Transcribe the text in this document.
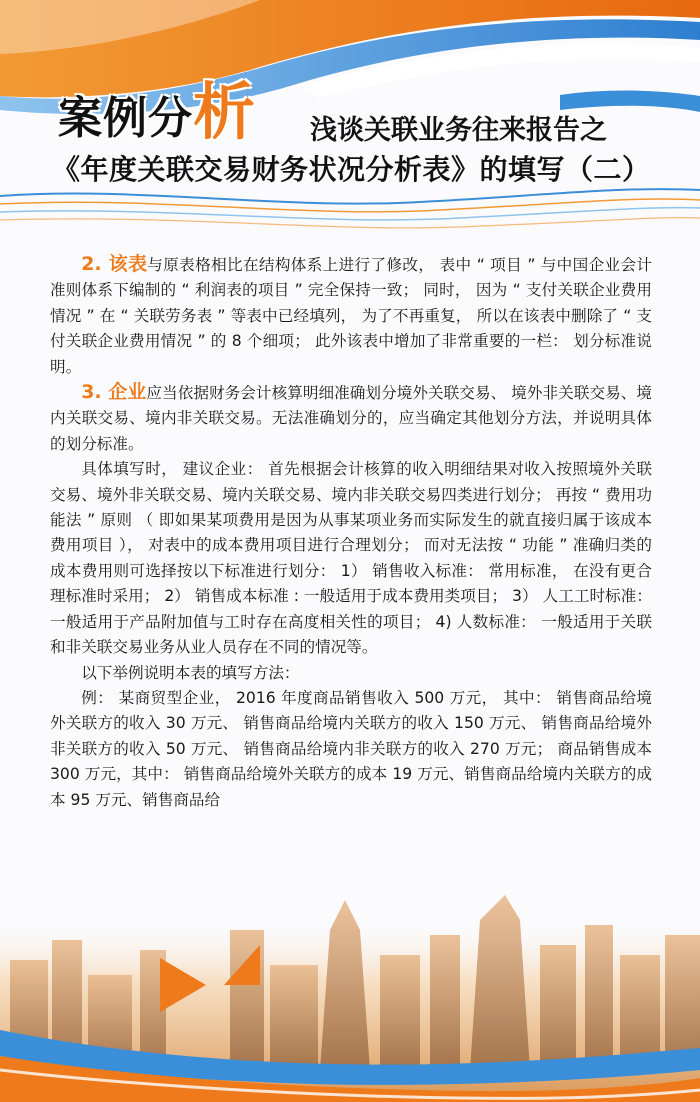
案例分析 浅谈关联业务往来报告之
《年度关联交易财务状况分析表》的填写（二）

2. 该表与原表格相比在结构体系上进行了修改， 表中 “ 项目 ” 与中国企业会计准则体系下编制的 “ 利润表的项目 ” 完全保持一致； 同时， 因为 “ 支付关联企业费用情况 ” 在 “ 关联劳务表 ” 等表中已经填列， 为了不再重复， 所以在该表中删除了 “ 支付关联企业费用情况 ” 的 8 个细项； 此外该表中增加了非常重要的一栏： 划分标准说明。

3. 企业应当依据财务会计核算明细准确划分境外关联交易、 境外非关联交易、境内关联交易、境内非关联交易。无法准确划分的，应当确定其他划分方法，并说明具体的划分标准。

具体填写时， 建议企业： 首先根据会计核算的收入明细结果对收入按照境外关联交易、境外非关联交易、境内关联交易、境内非关联交易四类进行划分； 再按 “ 费用功能法 ” 原则 （ 即如果某项费用是因为从事某项业务而实际发生的就直接归属于该成本费用项目 ）， 对表中的成本费用项目进行合理划分； 而对无法按 “ 功能 ” 准确归类的成本费用则可选择按以下标准进行划分： 1） 销售收入标准： 常用标准， 在没有更合理标准时采用； 2） 销售成本标准 : 一般适用于成本费用类项目； 3） 人工工时标准： 一般适用于产品附加值与工时存在高度相关性的项目； 4) 人数标准： 一般适用于关联和非关联交易业务从业人员存在不同的情况等。

以下举例说明本表的填写方法：

例： 某商贸型企业， 2016 年度商品销售收入 500 万元， 其中： 销售商品给境外关联方的收入 30 万元、 销售商品给境内关联方的收入 150 万元、 销售商品给境外非关联方的收入 50 万元、 销售商品给境内非关联方的收入 270 万元； 商品销售成本 300 万元，其中： 销售商品给境外关联方的成本 19 万元、销售商品给境内关联方的成本 95 万元、销售商品给
